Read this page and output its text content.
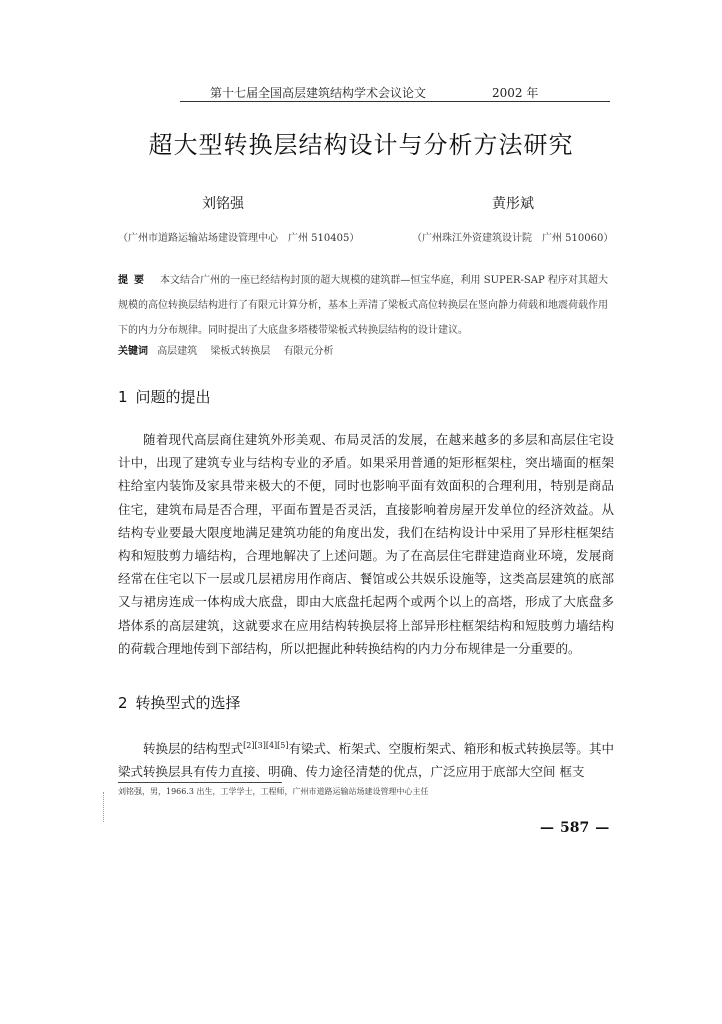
第十七届全国高层建筑结构学术会议论文	2002 年
超大型转换层结构设计与分析方法研究
刘铭强	黄彤斌
（广州市道路运输站场建设管理中心　广州 510405）	（广州珠江外资建筑设计院　广州 510060）
提要 本文结合广州的一座已经结构封顶的超大规模的建筑群—恒宝华庭，利用 SUPER-SAP 程序对其超大规模的高位转换层结构进行了有限元计算分析，基本上弄清了梁板式高位转换层在竖向静力荷载和地震荷载作用下的内力分布规律。同时提出了大底盘多塔楼带梁板式转换层结构的设计建议。
关键词 高层建筑 梁板式转换层 有限元分析
1 问题的提出
随着现代高层商住建筑外形美观、布局灵活的发展，在越来越多的多层和高层住宅设计中，出现了建筑专业与结构专业的矛盾。如果采用普通的矩形框架柱，突出墙面的框架柱给室内装饰及家具带来极大的不便，同时也影响平面有效面积的合理利用，特别是商品住宅，建筑布局是否合理，平面布置是否灵活，直接影响着房屋开发单位的经济效益。从结构专业要最大限度地满足建筑功能的角度出发，我们在结构设计中采用了异形柱框架结构和短肢剪力墙结构，合理地解决了上述问题。为了在高层住宅群建造商业环境，发展商经常在住宅以下一层或几层裙房用作商店、餐馆或公共娱乐设施等，这类高层建筑的底部又与裙房连成一体构成大底盘，即由大底盘托起两个或两个以上的高塔，形成了大底盘多塔体系的高层建筑，这就要求在应用结构转换层将上部异形柱框架结构和短肢剪力墙结构的荷载合理地传到下部结构，所以把握此种转换结构的内力分布规律是一分重要的。
2 转换型式的选择
转换层的结构型式[2][3][4][5]有梁式、桁架式、空腹桁架式、箱形和板式转换层等。其中梁式转换层具有传力直接、明确、传力途径清楚的优点，广泛应用于底部大空间 框支
刘铭强，男，1966.3 出生，工学学士，工程师，广州市道路运输站场建设管理中心主任
— 587 —
